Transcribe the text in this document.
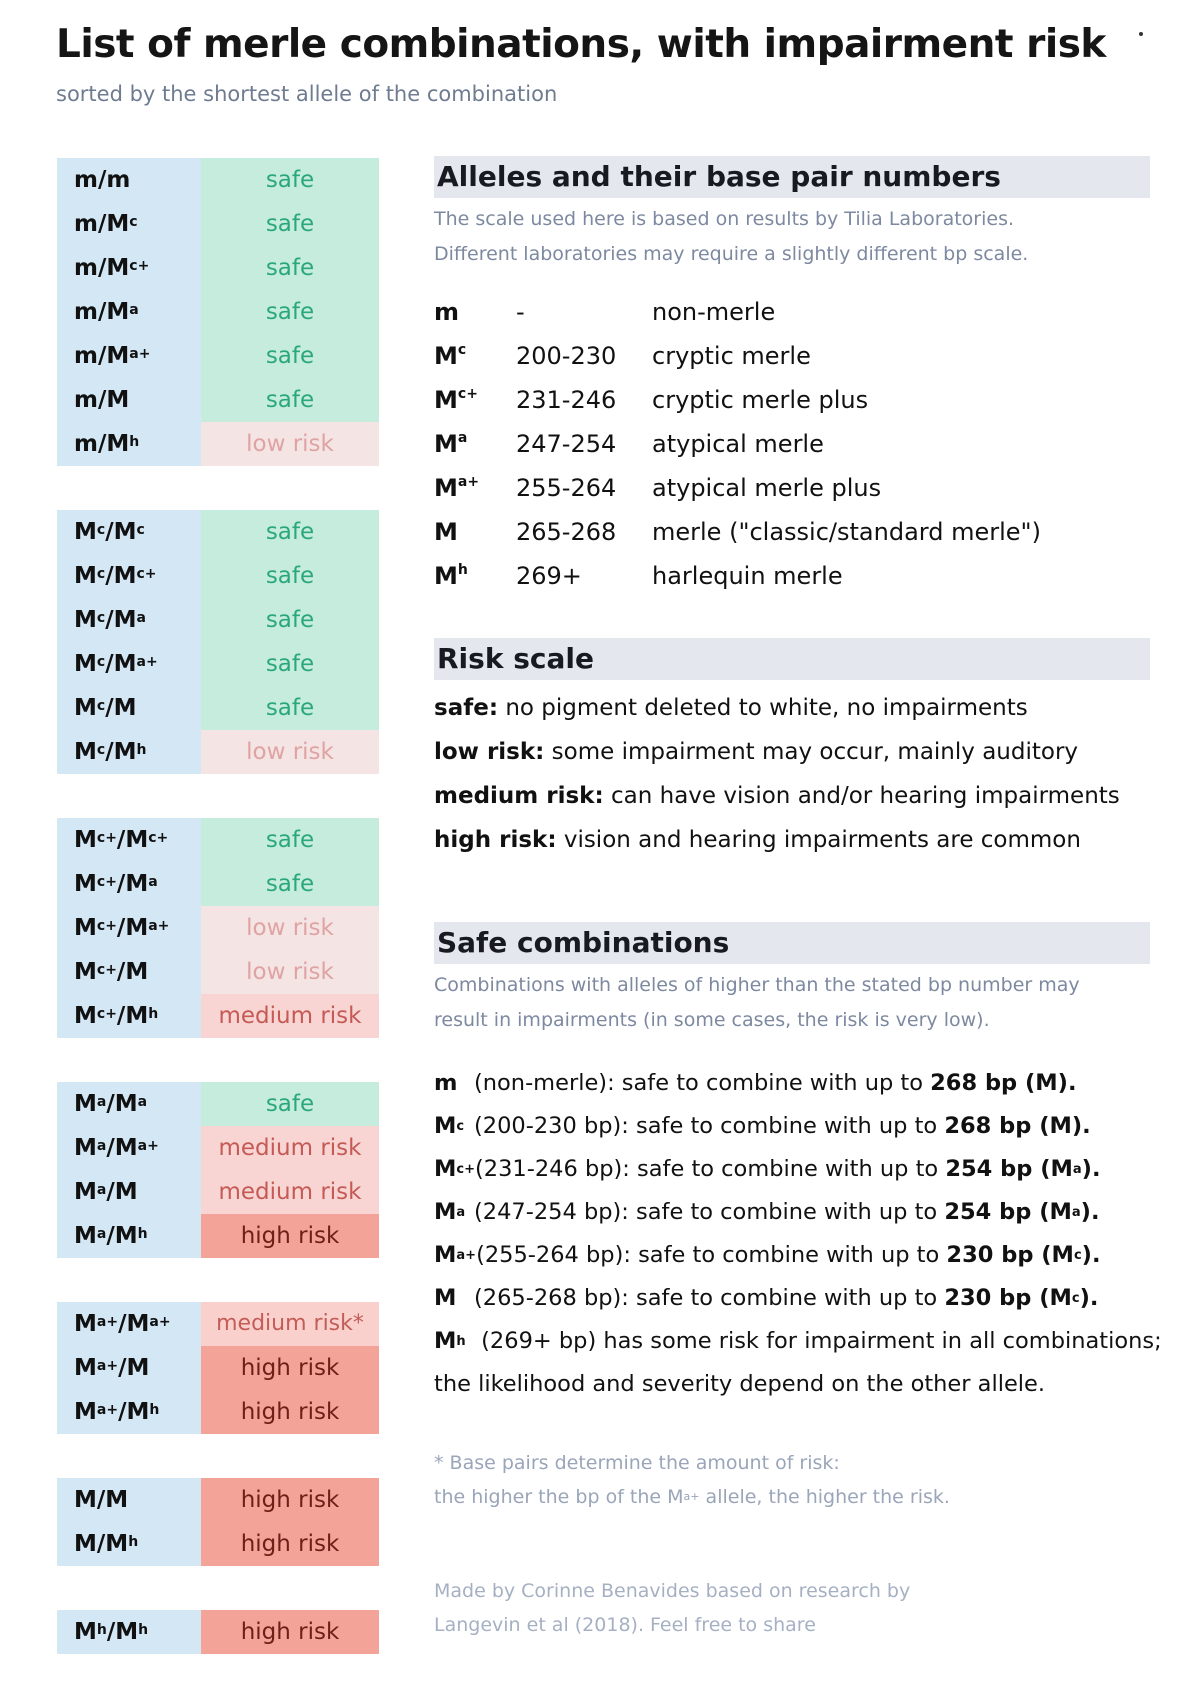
List of merle combinations, with impairment risk
sorted by the shortest allele of the combination
m/m	safe
$m/M^c$	safe
$m/M^{c+}$	safe
$m/M^a$	safe
$m/M^{a+}$	safe
m/M	safe
$m/M^h$	low risk
$M^c/M^c$	safe
$M^c/M^{c+}$	safe
$M^c/M^a$	safe
$M^c/M^{a+}$	safe
$M^c/M$	safe
$M^c/M^h$	low risk
$M^{c+}/M^{c+}$	safe
$M^{c+}/M^a$	safe
$M^{c+}/M^{a+}$	low risk
$M^{c+}/M$	low risk
$M^{c+}/M^h$	medium risk
$M^a/M^a$	safe
$M^a/M^{a+}$	medium risk
$M^a/M$	medium risk
$M^a/M^h$	high risk
$M^{a+}/M^{a+}$	medium risk*
$M^{a+}/M$	high risk
$M^{a+}/M^h$	high risk
M/M	high risk
$M/M^h$	high risk
$M^h/M^h$	high risk
Alleles and their base pair numbers
The scale used here is based on results by Tilia Laboratories.
Different laboratories may require a slightly different bp scale.
m	-	non-merle
$M^c$	200-230	cryptic merle
$M^{c+}$	231-246	cryptic merle plus
$M^a$	247-254	atypical merle
$M^{a+}$	255-264	atypical merle plus
M	265-268	merle ("classic/standard merle")
$M^h$	269+	harlequin merle
Risk scale
safe: no pigment deleted to white, no impairments
low risk: some impairment may occur, mainly auditory
medium risk: can have vision and/or hearing impairments
high risk: vision and hearing impairments are common
Safe combinations
Combinations with alleles of higher than the stated bp number may
result in impairments (in some cases, the risk is very low).
m (non-merle): safe to combine with up to 268 bp (M).
$M^c$ (200-230 bp): safe to combine with up to 268 bp (M).
$M^{c+}(231-246$ bp): safe to combine with up to 254 bp $(M^a)$.
$M^a$ (247-254 bp): safe to combine with up to 254 bp $(M^a)$.
$M^{a+}(255-264$ bp): safe to combine with up to 230 bp $(M^c)$.
M (265-268 bp): safe to combine with up to 230 bp $(M^c)$.
$M^h$ (269+ bp) has some risk for impairment in all combinations;
the likelihood and severity depend on the other allele.
* Base pairs determine the amount of risk:
the higher the bp of the $M^{a+}$ allele, the higher the risk.
Made by Corinne Benavides based on research by
Langevin et al (2018). Feel free to share
